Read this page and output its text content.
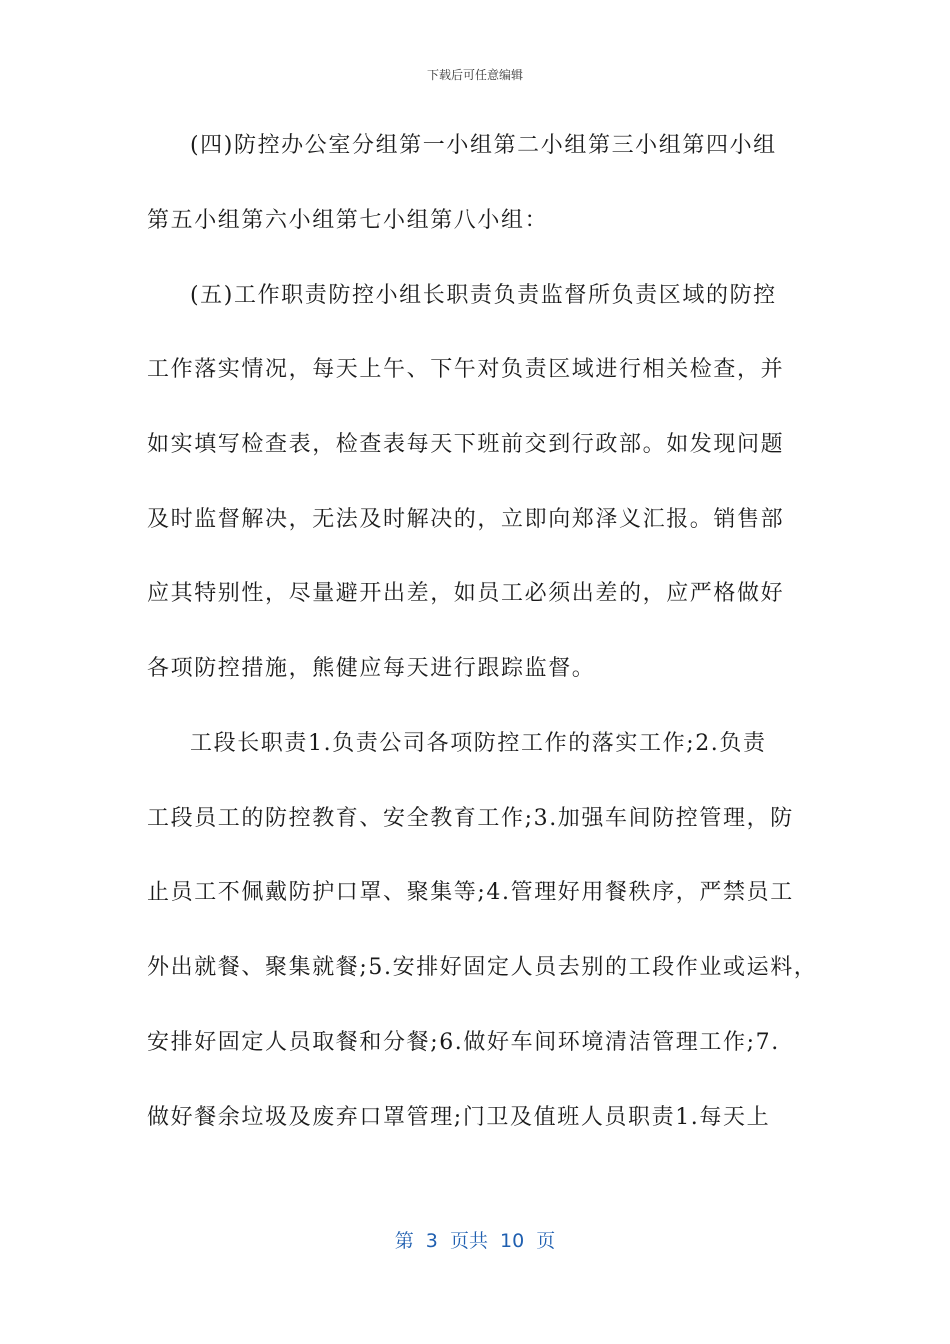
下载后可任意编辑
(四)防控办公室分组第一小组第二小组第三小组第四小组
第五小组第六小组第七小组第八小组：
(五)工作职责防控小组长职责负责监督所负责区域的防控
工作落实情况，每天上午、下午对负责区域进行相关检查，并
如实填写检查表，检查表每天下班前交到行政部。如发现问题
及时监督解决，无法及时解决的，立即向郑泽义汇报。销售部
应其特别性，尽量避开出差，如员工必须出差的，应严格做好
各项防控措施，熊健应每天进行跟踪监督。
工段长职责1.负责公司各项防控工作的落实工作;2.负责
工段员工的防控教育、安全教育工作;3.加强车间防控管理，防
止员工不佩戴防护口罩、聚集等;4.管理好用餐秩序，严禁员工
外出就餐、聚集就餐;5.安排好固定人员去别的工段作业或运料，
安排好固定人员取餐和分餐;6.做好车间环境清洁管理工作;7.
做好餐余垃圾及废弃口罩管理;门卫及值班人员职责1.每天上
第  3  页共  10  页
